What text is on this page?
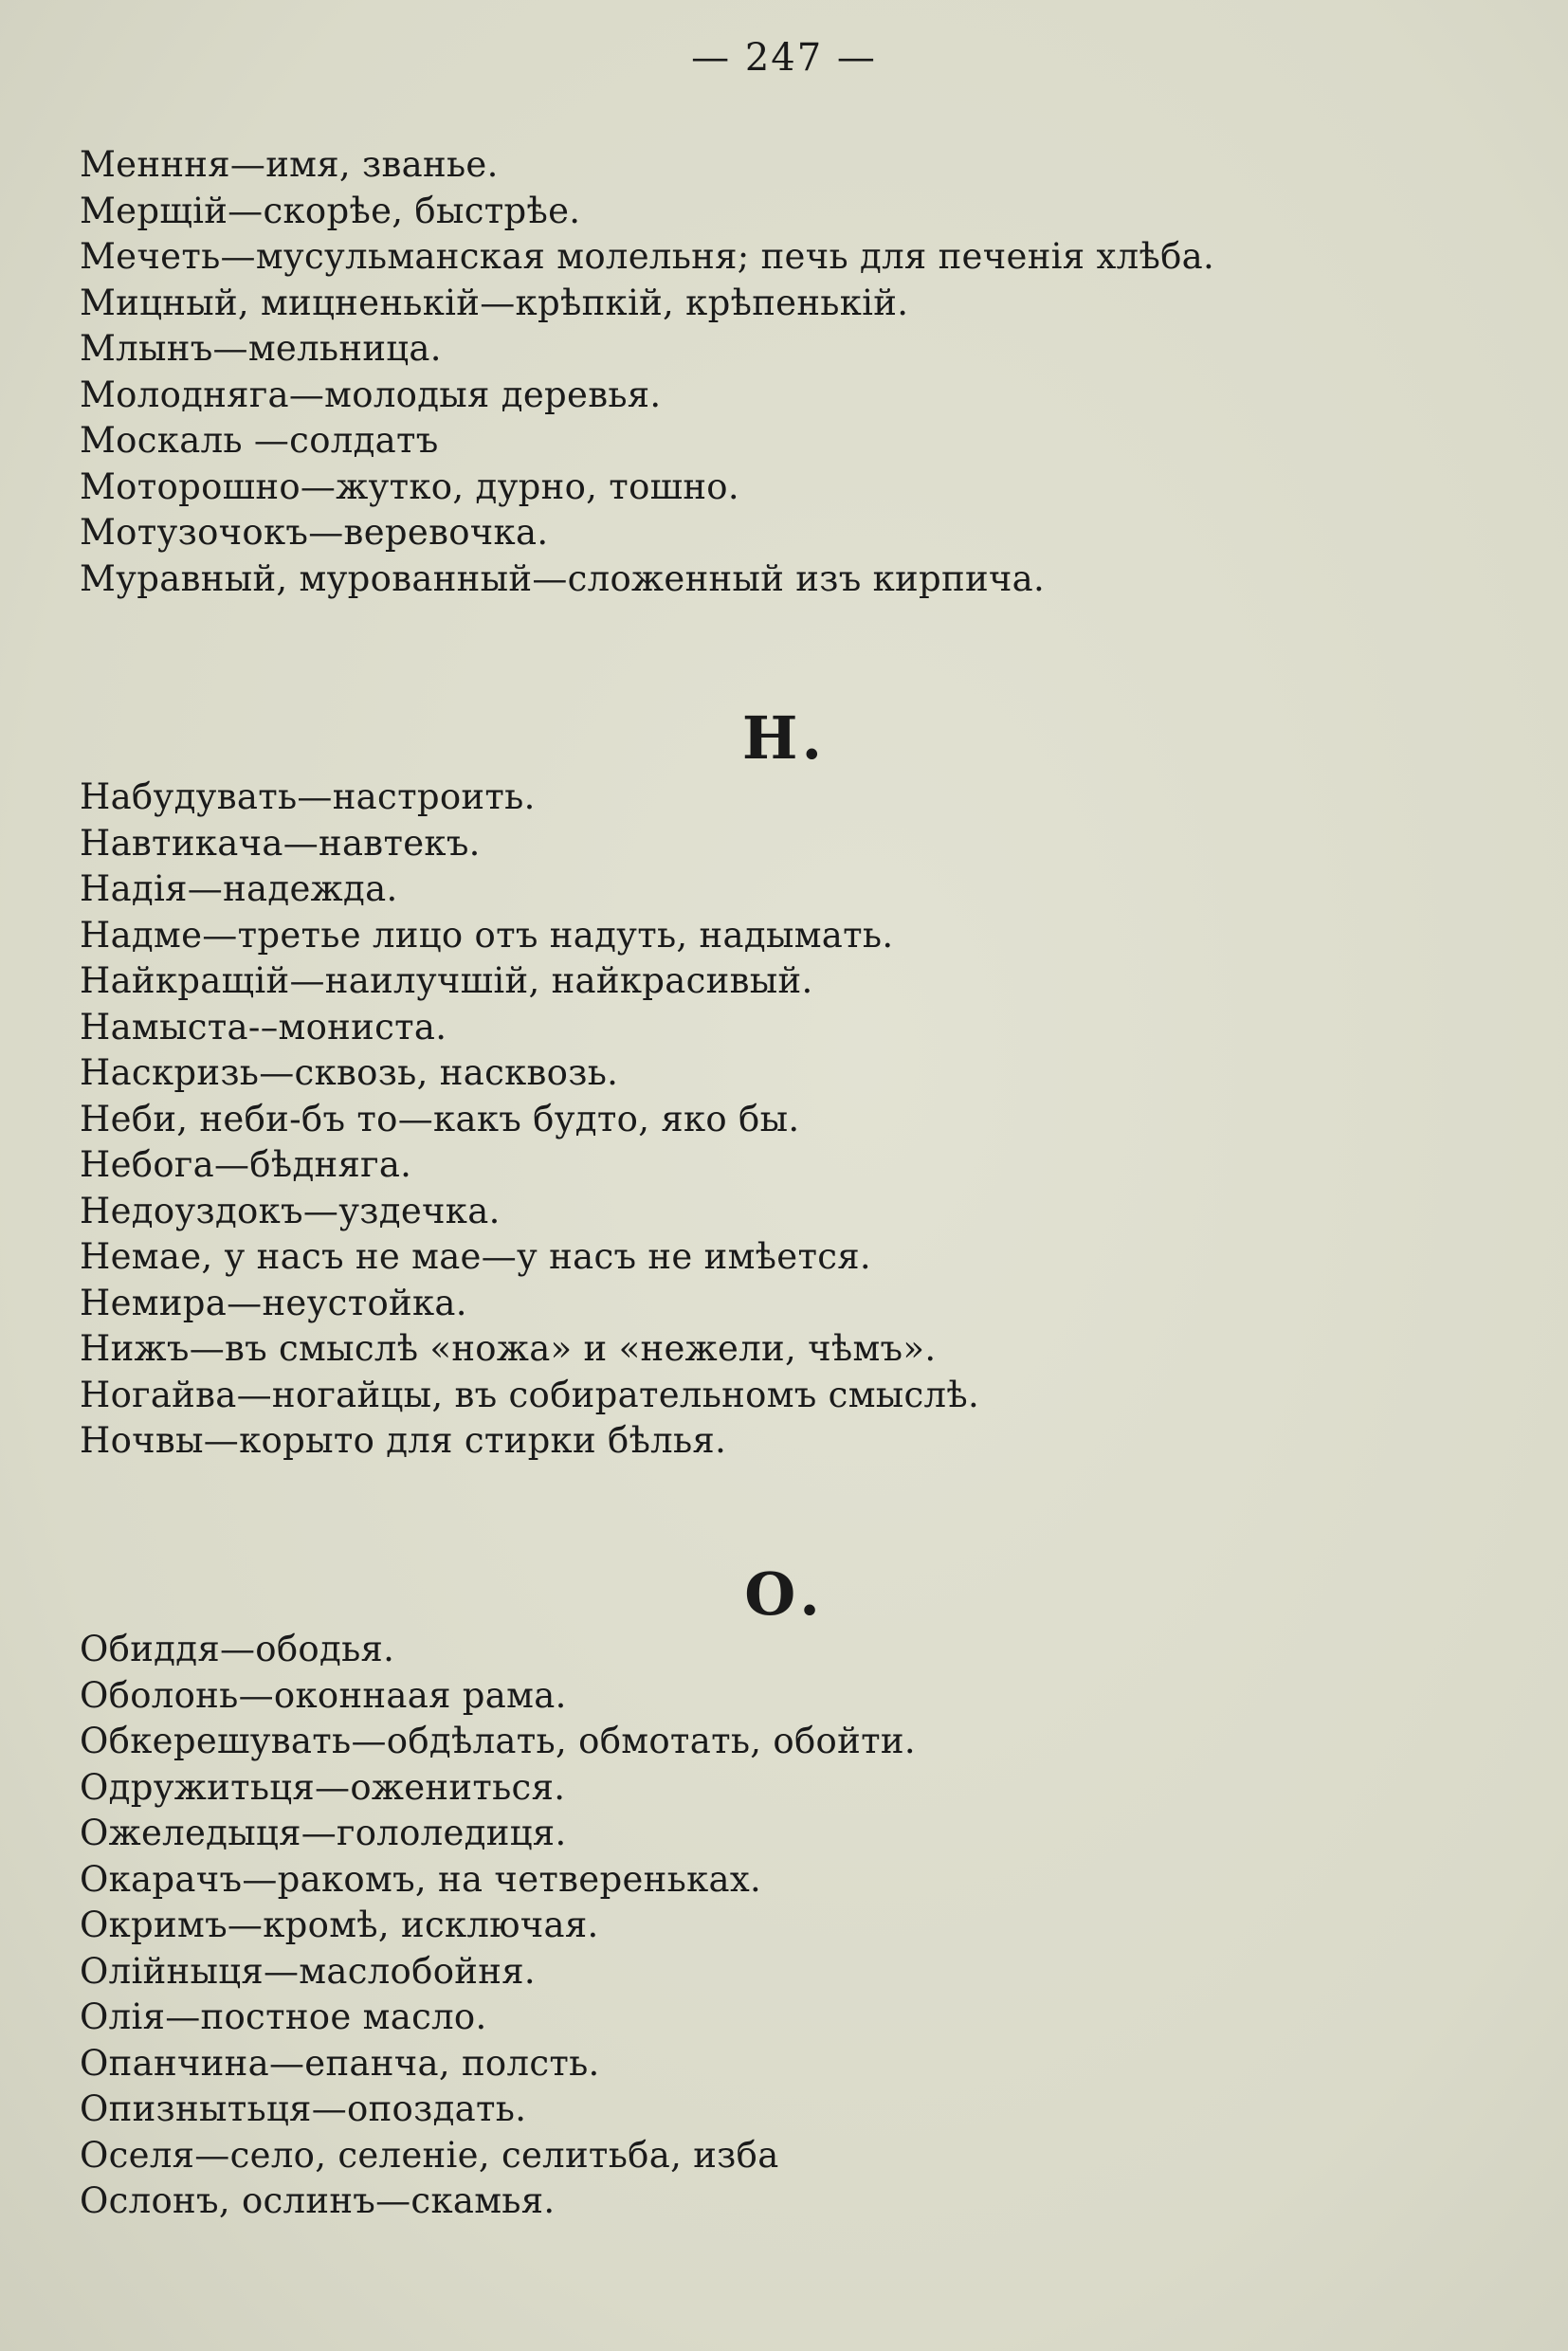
— 247 —
Менння—имя, званье.
Мерщій—скорѣе, быстрѣе.
Мечеть—мусульманская молельня; печь для печенія хлѣба.
Мицный, мицненькій—крѣпкій, крѣпенькій.
Млынъ—мельница.
Молодняга—молодыя деревья.
Москаль —солдатъ
Моторошно—жутко, дурно, тошно.
Мотузочокъ—веревочка.
Муравный, мурованный—сложенный изъ кирпича.
Н.
Набудувать—настроить.
Навтикача—навтекъ.
Надія—надежда.
Надме—третье лицо отъ надуть, надымать.
Найкращій—наилучшій, найкрасивый.
Намыста-–мониста.
Наскризь—сквозь, насквозь.
Неби, неби-бъ то—какъ будто, яко бы.
Небога—бѣдняга.
Недоуздокъ—уздечка.
Немае, у насъ не мае—у насъ не имѣется.
Немира—неустойка.
Нижъ—въ смыслѣ «ножа» и «нежели, чѣмъ».
Ногайва—ногайцы, въ собирательномъ смыслѣ.
Ночвы—корыто для стирки бѣлья.
О.
Обиддя—ободья.
Оболонь—оконнаая рама.
Обкерешувать—обдѣлать, обмотать, обойти.
Одружитьця—ожениться.
Ожеледыця—гололедиця.
Окарачъ—ракомъ, на четвереньках.
Окримъ—кромѣ, исключая.
Олійныця—маслобойня.
Олія—постное масло.
Опанчина—епанча, полсть.
Опизнытьця—опоздать.
Оселя—село, селеніе, селитьба, изба
Ослонъ, ослинъ—скамья.
